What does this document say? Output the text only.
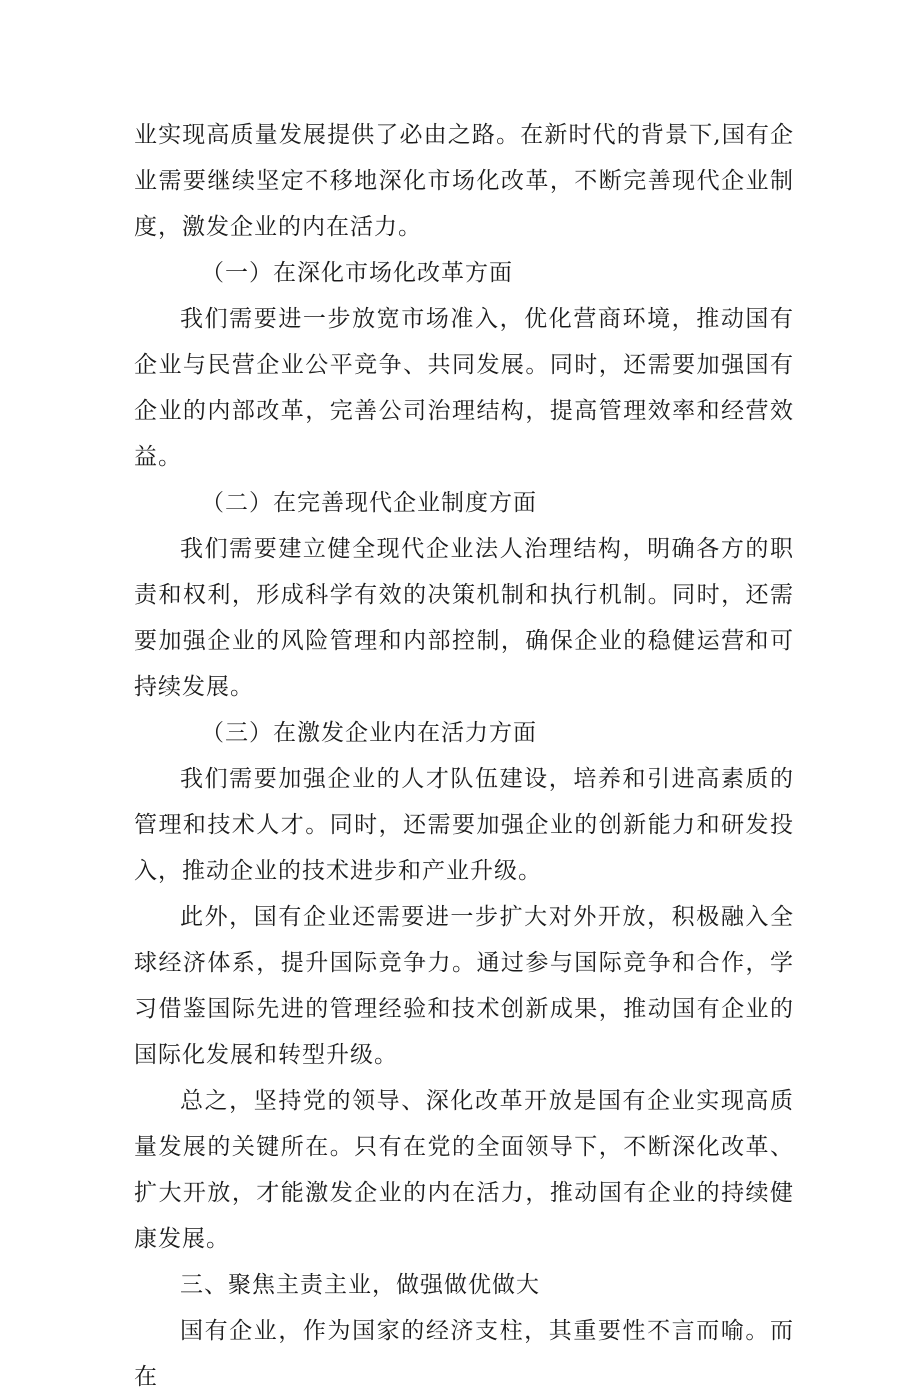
业实现高质量发展提供了必由之路。在新时代的背景下,国有企业需要继续坚定不移地深化市场化改革，不断完善现代企业制度，激发企业的内在活力。

（一）在深化市场化改革方面

我们需要进一步放宽市场准入，优化营商环境，推动国有企业与民营企业公平竞争、共同发展。同时，还需要加强国有企业的内部改革，完善公司治理结构，提高管理效率和经营效益。

（二）在完善现代企业制度方面

我们需要建立健全现代企业法人治理结构，明确各方的职责和权利，形成科学有效的决策机制和执行机制。同时，还需要加强企业的风险管理和内部控制，确保企业的稳健运营和可持续发展。

（三）在激发企业内在活力方面

我们需要加强企业的人才队伍建设，培养和引进高素质的管理和技术人才。同时，还需要加强企业的创新能力和研发投入，推动企业的技术进步和产业升级。

此外，国有企业还需要进一步扩大对外开放，积极融入全球经济体系，提升国际竞争力。通过参与国际竞争和合作，学习借鉴国际先进的管理经验和技术创新成果，推动国有企业的国际化发展和转型升级。

总之，坚持党的领导、深化改革开放是国有企业实现高质量发展的关键所在。只有在党的全面领导下，不断深化改革、扩大开放，才能激发企业的内在活力，推动国有企业的持续健康发展。

三、聚焦主责主业，做强做优做大

国有企业，作为国家的经济支柱，其重要性不言而喻。而在
